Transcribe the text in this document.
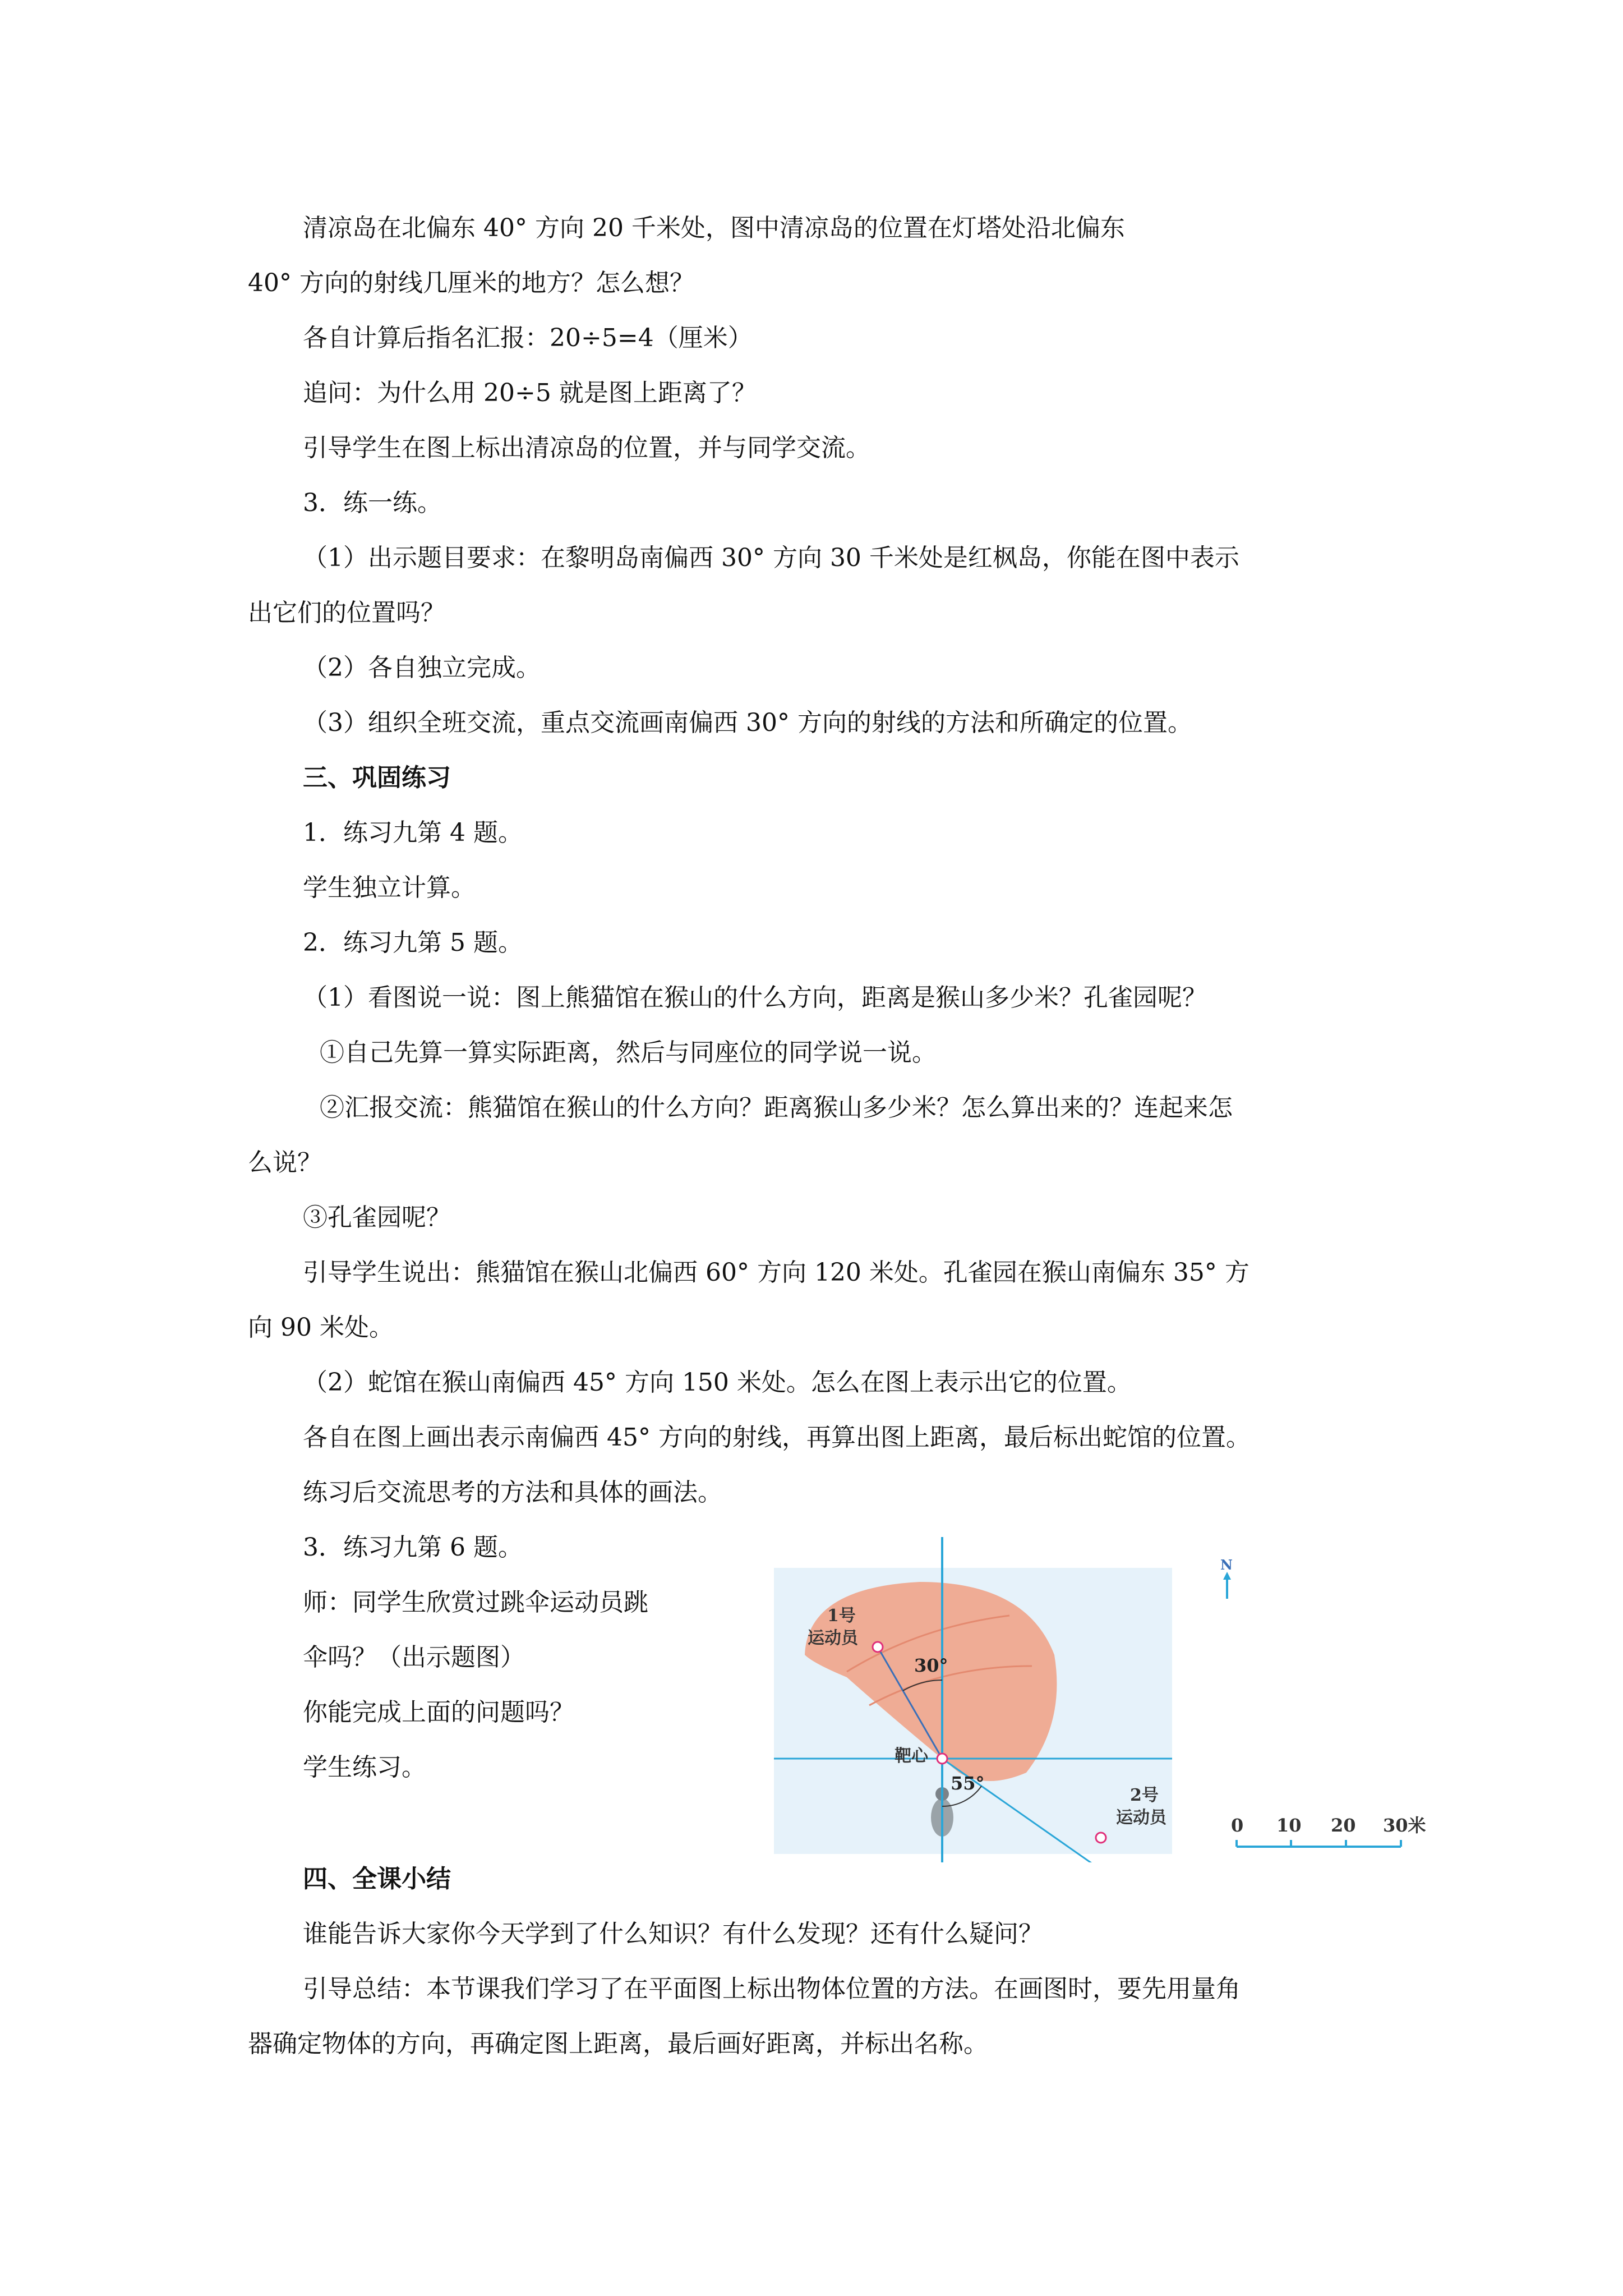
清凉岛在北偏东 40° 方向 20 千米处，图中清凉岛的位置在灯塔处沿北偏东
40° 方向的射线几厘米的地方？怎么想？
各自计算后指名汇报：20÷5=4（厘米）
追问：为什么用 20÷5 就是图上距离了？
引导学生在图上标出清凉岛的位置，并与同学交流。
3．练一练。
（1）出示题目要求：在黎明岛南偏西 30° 方向 30 千米处是红枫岛，你能在图中表示
出它们的位置吗？
（2）各自独立完成。
（3）组织全班交流，重点交流画南偏西 30° 方向的射线的方法和所确定的位置。
三、巩固练习
1．练习九第 4 题。
学生独立计算。
2．练习九第 5 题。
（1）看图说一说：图上熊猫馆在猴山的什么方向，距离是猴山多少米？孔雀园呢？
①自己先算一算实际距离，然后与同座位的同学说一说。
②汇报交流：熊猫馆在猴山的什么方向？距离猴山多少米？怎么算出来的？连起来怎
么说？
③孔雀园呢？
引导学生说出：熊猫馆在猴山北偏西 60° 方向 120 米处。孔雀园在猴山南偏东 35° 方
向 90 米处。
（2）蛇馆在猴山南偏西 45° 方向 150 米处。怎么在图上表示出它的位置。
各自在图上画出表示南偏西 45° 方向的射线，再算出图上距离，最后标出蛇馆的位置。
练习后交流思考的方法和具体的画法。
3．练习九第 6 题。
师：同学生欣赏过跳伞运动员跳
伞吗？（出示题图）
你能完成上面的问题吗？
学生练习。
四、全课小结
谁能告诉大家你今天学到了什么知识？有什么发现？还有什么疑问？
引导总结：本节课我们学习了在平面图上标出物体位置的方法。在画图时，要先用量角
器确定物体的方向，再确定图上距离，最后画好距离，并标出名称。
1号
运动员
30°
靶心
55°
2号
运动员
N
0 10 20 30米
